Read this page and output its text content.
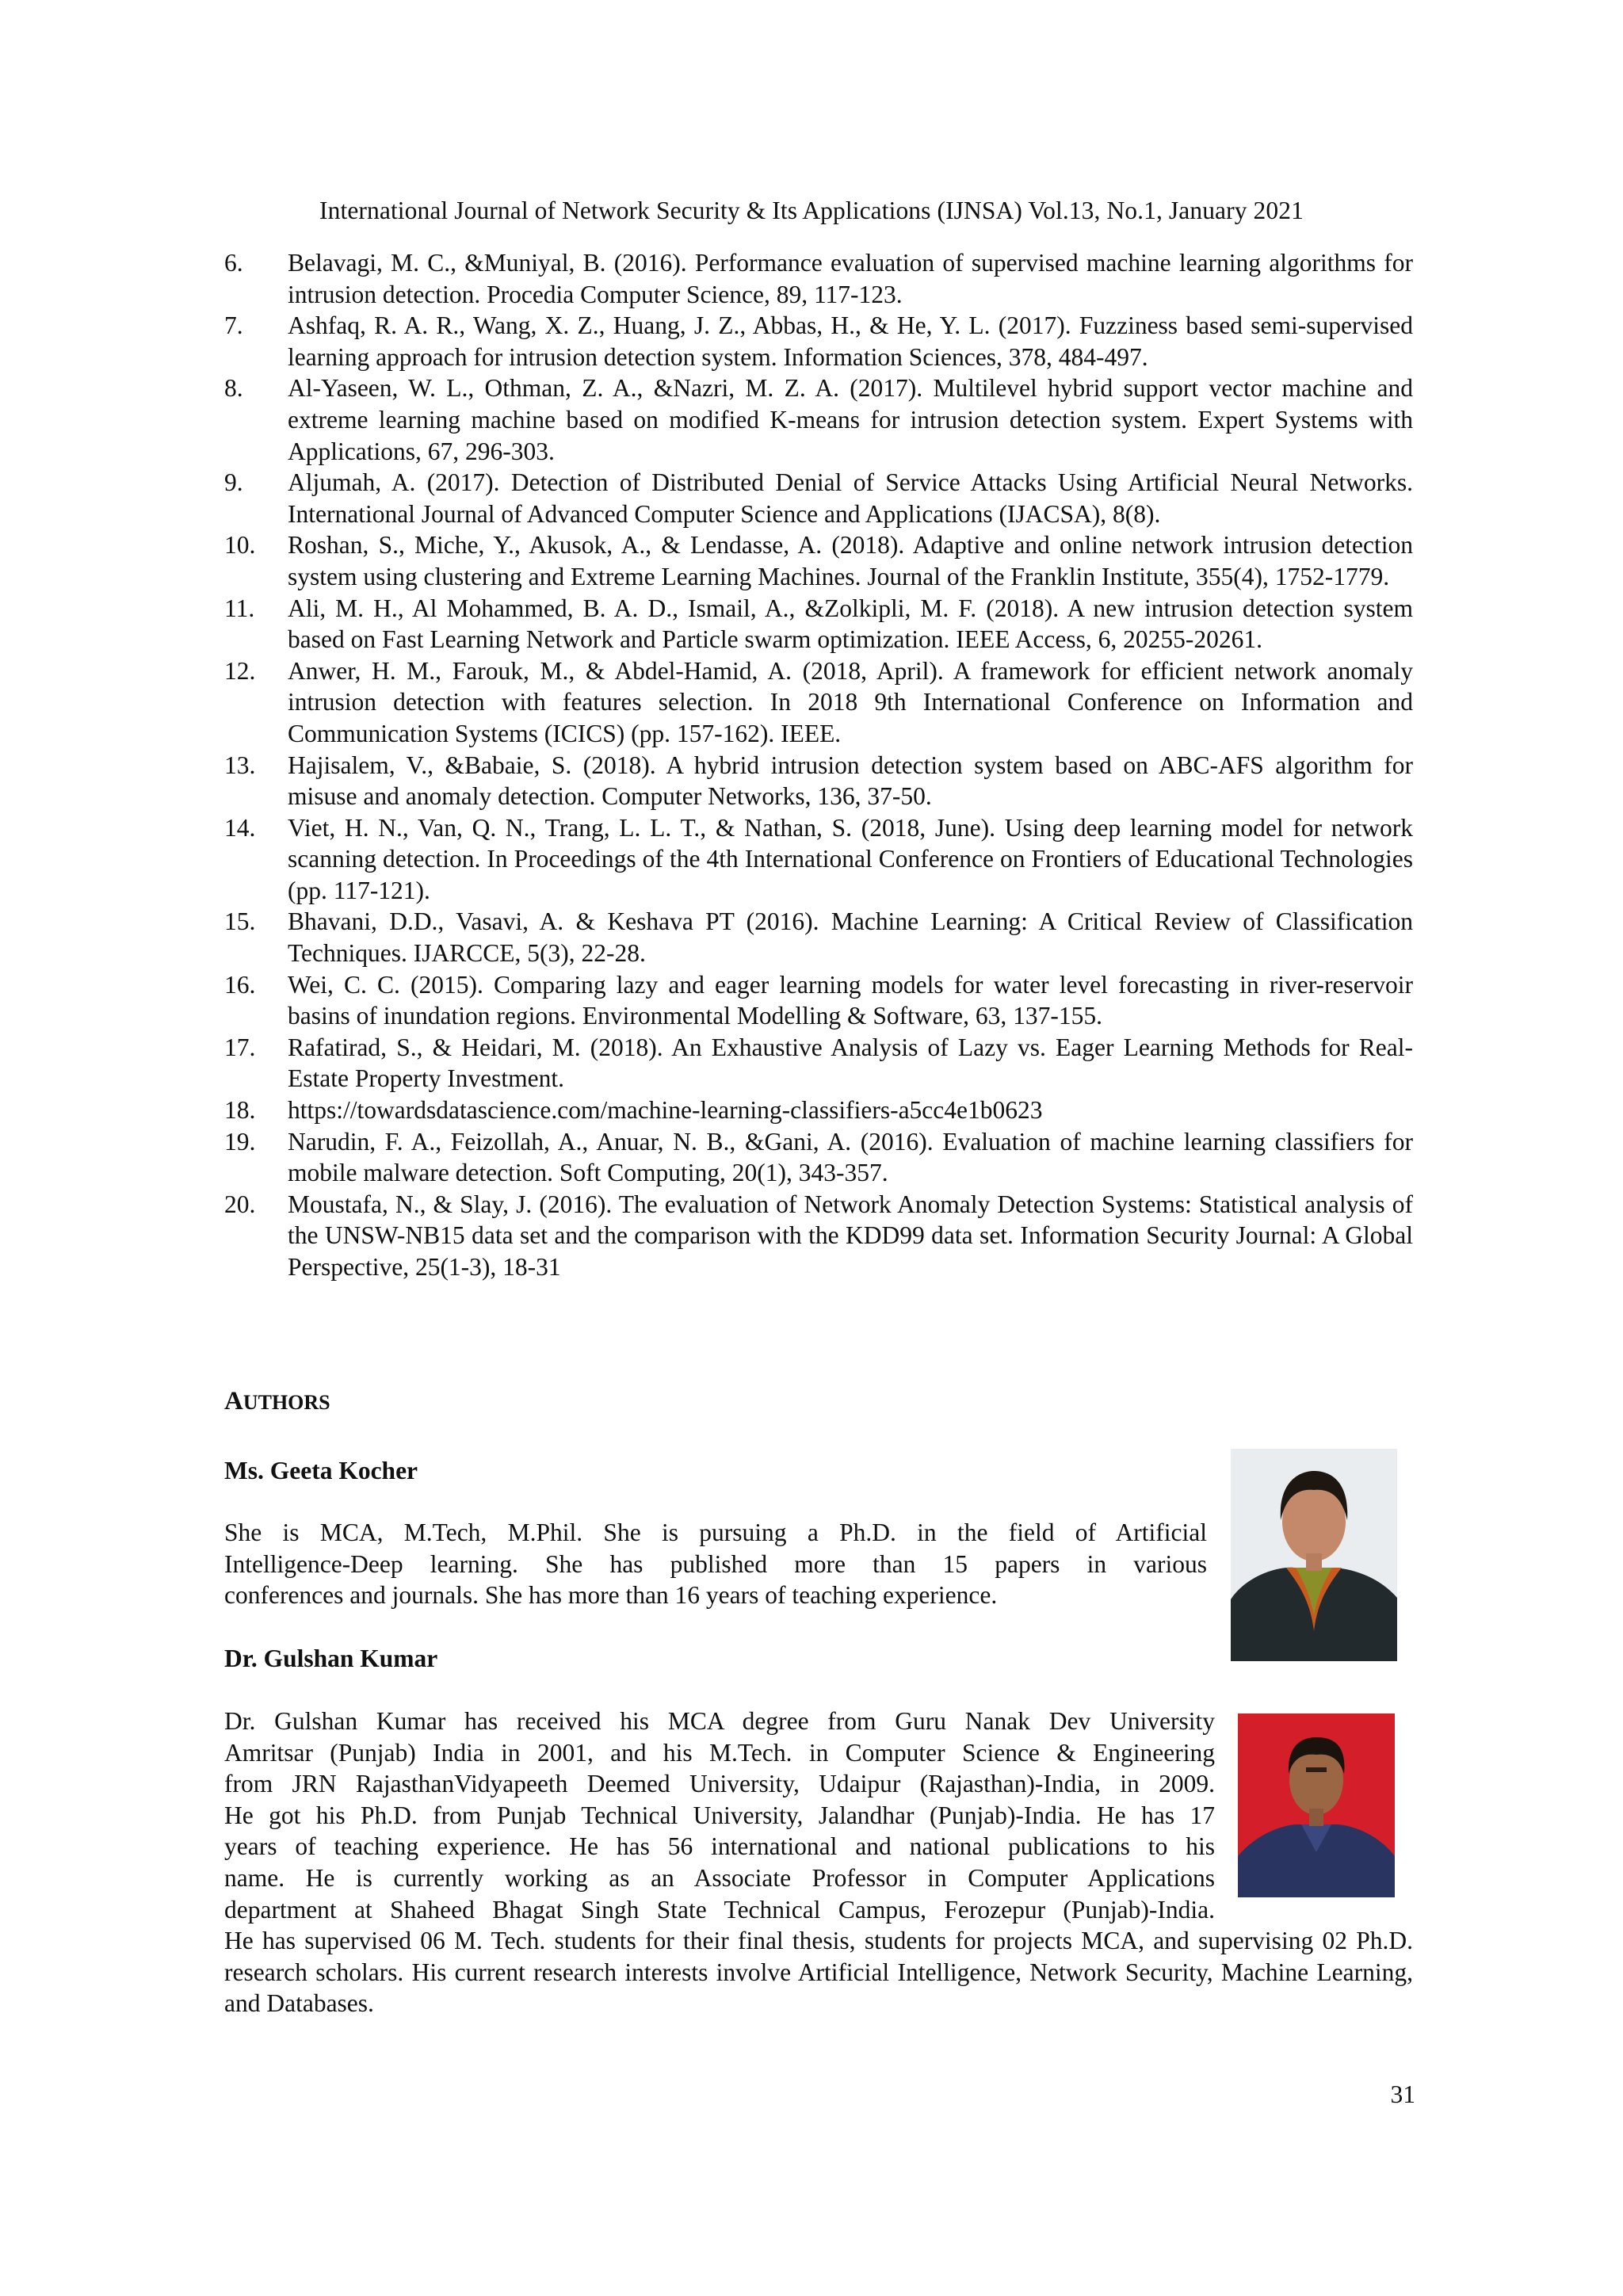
International Journal of Network Security & Its Applications (IJNSA) Vol.13, No.1, January 2021
6. Belavagi, M. C., &Muniyal, B. (2016). Performance evaluation of supervised machine learning algorithms for intrusion detection. Procedia Computer Science, 89, 117-123.
7. Ashfaq, R. A. R., Wang, X. Z., Huang, J. Z., Abbas, H., & He, Y. L. (2017). Fuzziness based semi-supervised learning approach for intrusion detection system. Information Sciences, 378, 484-497.
8. Al-Yaseen, W. L., Othman, Z. A., &Nazri, M. Z. A. (2017). Multilevel hybrid support vector machine and extreme learning machine based on modified K-means for intrusion detection system. Expert Systems with Applications, 67, 296-303.
9. Aljumah, A. (2017). Detection of Distributed Denial of Service Attacks Using Artificial Neural Networks. International Journal of Advanced Computer Science and Applications (IJACSA), 8(8).
10. Roshan, S., Miche, Y., Akusok, A., & Lendasse, A. (2018). Adaptive and online network intrusion detection system using clustering and Extreme Learning Machines. Journal of the Franklin Institute, 355(4), 1752-1779.
11. Ali, M. H., Al Mohammed, B. A. D., Ismail, A., &Zolkipli, M. F. (2018). A new intrusion detection system based on Fast Learning Network and Particle swarm optimization. IEEE Access, 6, 20255-20261.
12. Anwer, H. M., Farouk, M., & Abdel-Hamid, A. (2018, April). A framework for efficient network anomaly intrusion detection with features selection. In 2018 9th International Conference on Information and Communication Systems (ICICS) (pp. 157-162). IEEE.
13. Hajisalem, V., &Babaie, S. (2018). A hybrid intrusion detection system based on ABC-AFS algorithm for misuse and anomaly detection. Computer Networks, 136, 37-50.
14. Viet, H. N., Van, Q. N., Trang, L. L. T., & Nathan, S. (2018, June). Using deep learning model for network scanning detection. In Proceedings of the 4th International Conference on Frontiers of Educational Technologies (pp. 117-121).
15. Bhavani, D.D., Vasavi, A. & Keshava PT (2016). Machine Learning: A Critical Review of Classification Techniques. IJARCCE, 5(3), 22-28.
16. Wei, C. C. (2015). Comparing lazy and eager learning models for water level forecasting in river-reservoir basins of inundation regions. Environmental Modelling & Software, 63, 137-155.
17. Rafatirad, S., & Heidari, M. (2018). An Exhaustive Analysis of Lazy vs. Eager Learning Methods for Real-Estate Property Investment.
18. https://towardsdatascience.com/machine-learning-classifiers-a5cc4e1b0623
19. Narudin, F. A., Feizollah, A., Anuar, N. B., &Gani, A. (2016). Evaluation of machine learning classifiers for mobile malware detection. Soft Computing, 20(1), 343-357.
20. Moustafa, N., & Slay, J. (2016). The evaluation of Network Anomaly Detection Systems: Statistical analysis of the UNSW-NB15 data set and the comparison with the KDD99 data set. Information Security Journal: A Global Perspective, 25(1-3), 18-31
AUTHORS
Ms. Geeta Kocher
She is MCA, M.Tech, M.Phil. She is pursuing a Ph.D. in the field of Artificial
Intelligence-Deep learning. She has published more than 15 papers in various
conferences and journals. She has more than 16 years of teaching experience.
Dr. Gulshan Kumar
Dr. Gulshan Kumar has received his MCA degree from Guru Nanak Dev University
Amritsar (Punjab) India in 2001, and his M.Tech. in Computer Science & Engineering
from JRN RajasthanVidyapeeth Deemed University, Udaipur (Rajasthan)-India, in 2009.
He got his Ph.D. from Punjab Technical University, Jalandhar (Punjab)-India. He has 17
years of teaching experience. He has 56 international and national publications to his
name. He is currently working as an Associate Professor in Computer Applications
department at Shaheed Bhagat Singh State Technical Campus, Ferozepur (Punjab)-India.
He has supervised 06 M. Tech. students for their final thesis, students for projects MCA, and supervising 02 Ph.D. research scholars. His current research interests involve Artificial Intelligence, Network Security, Machine Learning, and Databases.
31
